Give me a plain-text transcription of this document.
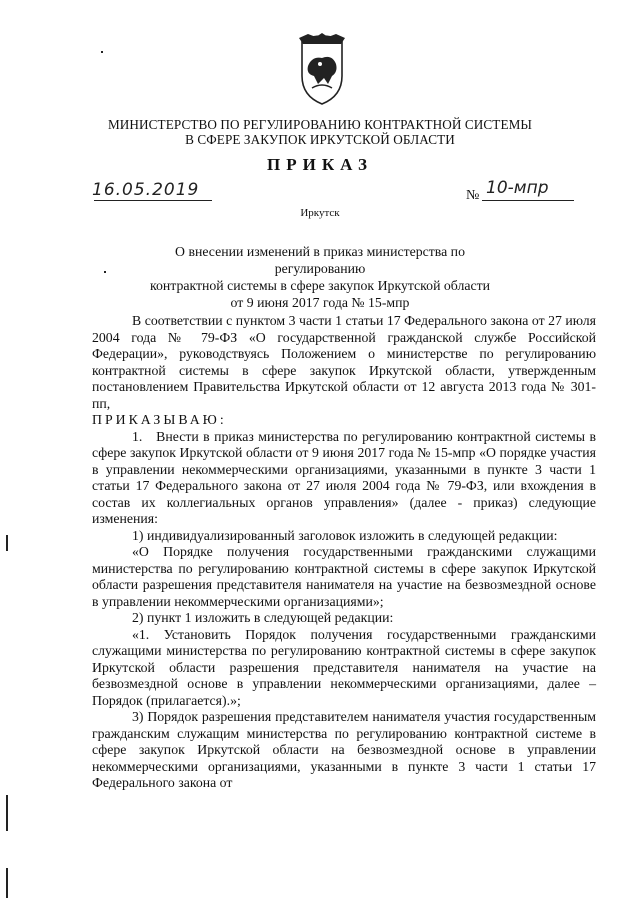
МИНИСТЕРСТВО ПО РЕГУЛИРОВАНИЮ КОНТРАКТНОЙ СИСТЕМЫ
В СФЕРЕ ЗАКУПОК ИРКУТСКОЙ ОБЛАСТИ
ПРИКАЗ
16.05.2019	№ 10-мпр
Иркутск
О внесении изменений в приказ министерства по регулированию
контрактной системы в сфере закупок Иркутской области
от 9 июня 2017 года № 15-мпр

В соответствии с пунктом 3 части 1 статьи 17 Федерального закона от 27 июля 2004 года № 79-ФЗ «О государственной гражданской службе Российской Федерации», руководствуясь Положением о министерстве по регулированию контрактной системы в сфере закупок Иркутской области, утвержденным постановлением Правительства Иркутской области от 12 августа 2013 года № 301-пп,

ПРИКАЗЫВАЮ:

1. Внести в приказ министерства по регулированию контрактной системы в сфере закупок Иркутской области от 9 июня 2017 года № 15-мпр «О порядке участия в управлении некоммерческими организациями, указанными в пункте 3 части 1 статьи 17 Федерального закона от 27 июля 2004 года № 79-ФЗ, или вхождения в состав их коллегиальных органов управления» (далее - приказ) следующие изменения:

1) индивидуализированный заголовок изложить в следующей редакции:

«О Порядке получения государственными гражданскими служащими министерства по регулированию контрактной системы в сфере закупок Иркутской области разрешения представителя нанимателя на участие на безвозмездной основе в управлении некоммерческими организациями»;

2) пункт 1 изложить в следующей редакции:

«1. Установить Порядок получения государственными гражданскими служащими министерства по регулированию контрактной системы в сфере закупок Иркутской области разрешения представителя нанимателя на участие на безвозмездной основе в управлении некоммерческими организациями, далее – Порядок (прилагается).»;

3) Порядок разрешения представителем нанимателя участия государственным гражданским служащим министерства по регулированию контрактной системе в сфере закупок Иркутской области на безвозмездной основе в управлении некоммерческими организациями, указанными в пункте 3 части 1 статьи 17 Федерального закона от
